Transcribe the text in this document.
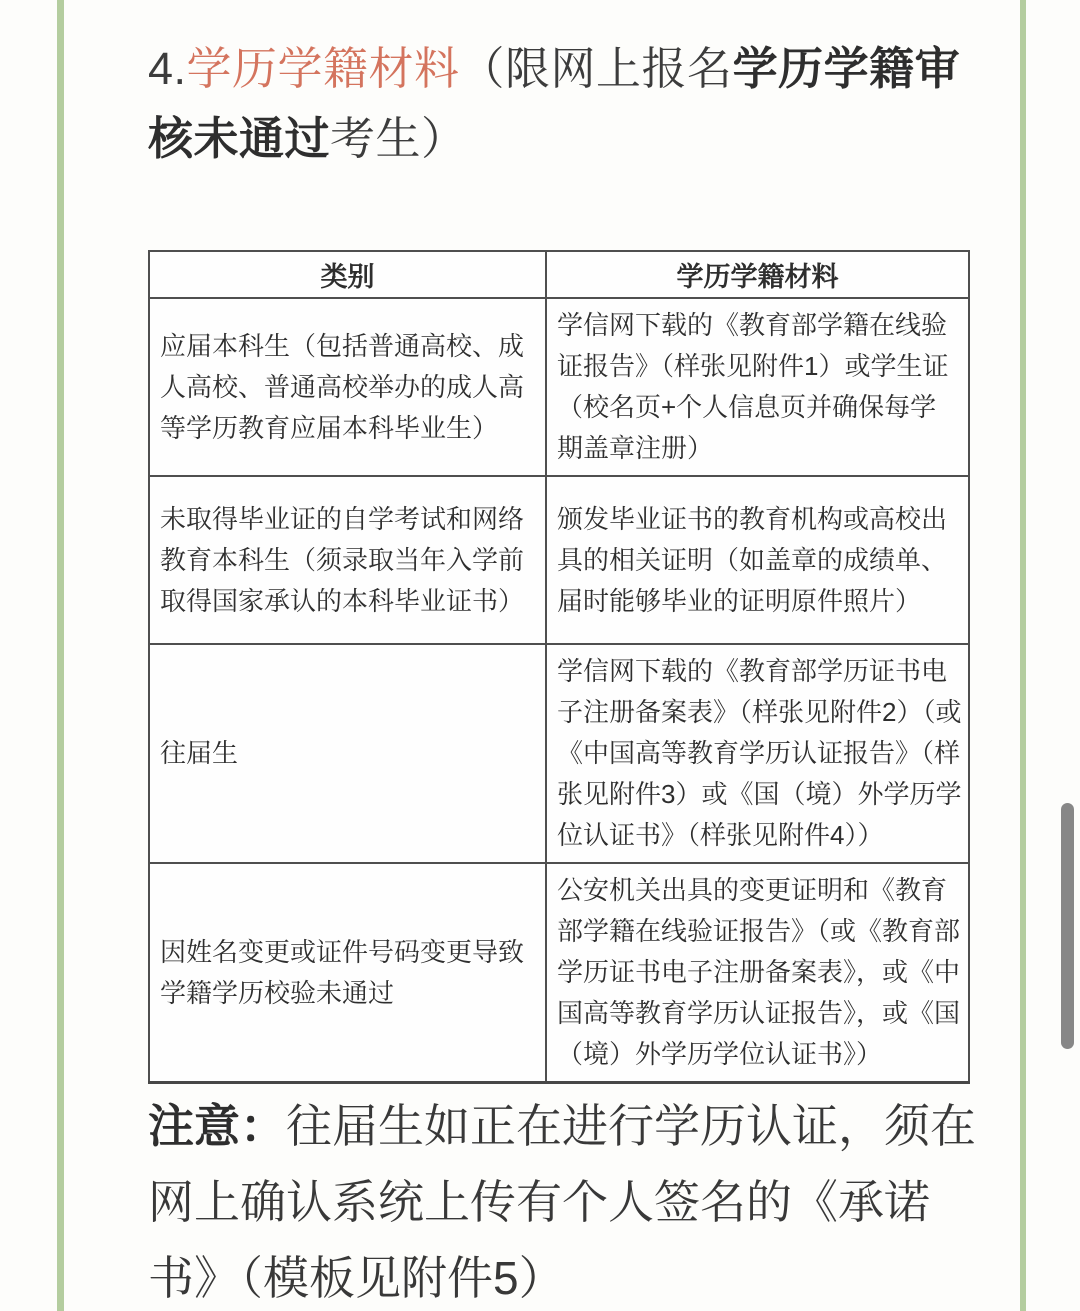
4.学历学籍材料（限网上报名学历学籍审核未通过考生）
类别	学历学籍材料
应届本科生（包括普通高校、成人高校、普通高校举办的成人高等学历教育应届本科毕业生）	学信网下载的《教育部学籍在线验证报告》（样张见附件1）或学生证（校名页+个人信息页并确保每学期盖章注册）
未取得毕业证的自学考试和网络教育本科生（须录取当年入学前取得国家承认的本科毕业证书）	颁发毕业证书的教育机构或高校出具的相关证明（如盖章的成绩单、届时能够毕业的证明原件照片）
往届生	学信网下载的《教育部学历证书电子注册备案表》（样张见附件2）（或《中国高等教育学历认证报告》（样张见附件3）或《国（境）外学历学位认证书》（样张见附件4））
因姓名变更或证件号码变更导致学籍学历校验未通过	公安机关出具的变更证明和《教育部学籍在线验证报告》（或《教育部学历证书电子注册备案表》，或《中国高等教育学历认证报告》，或《国（境）外学历学位认证书》）

注意：往届生如正在进行学历认证，须在网上确认系统上传有个人签名的《承诺书》（模板见附件5）
